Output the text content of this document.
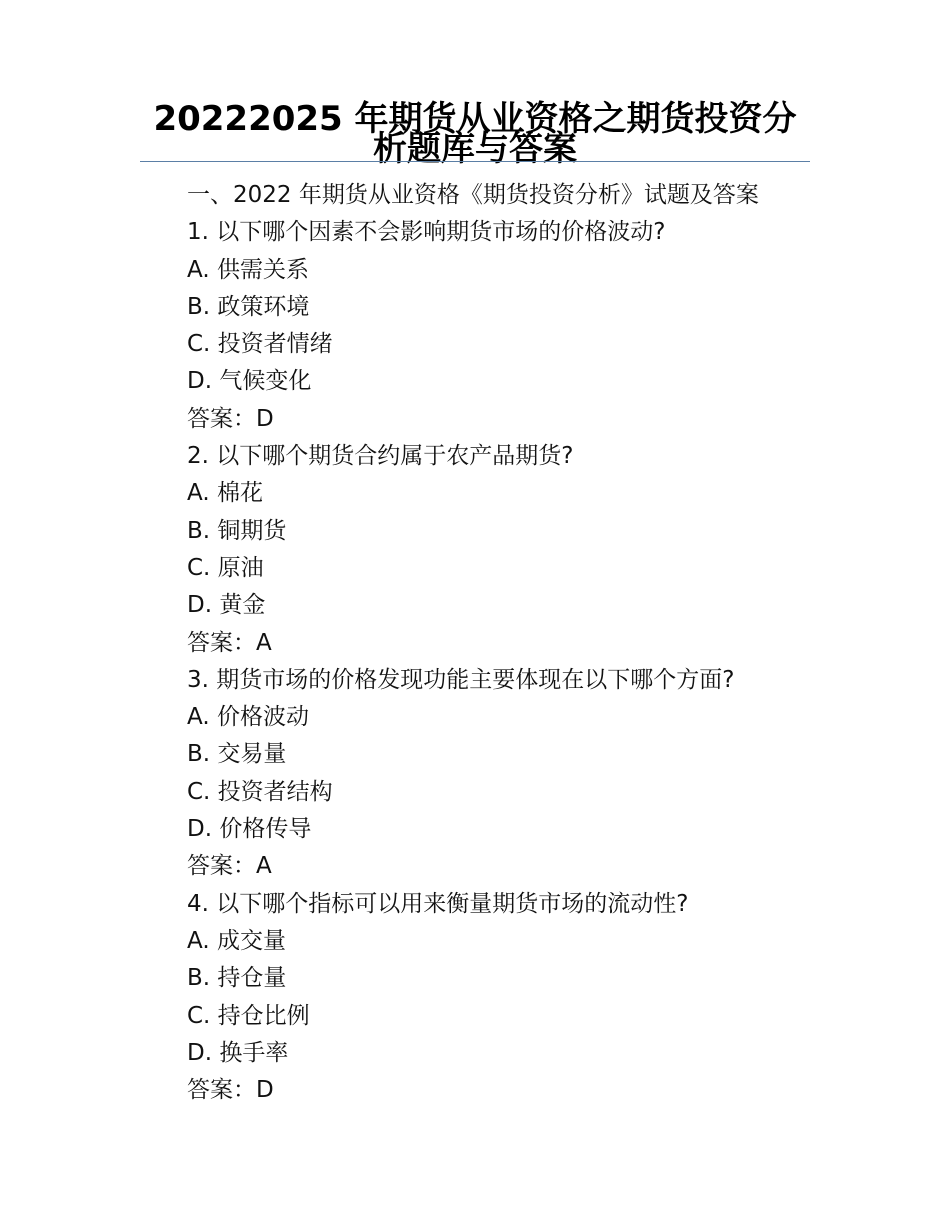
20222025 年期货从业资格之期货投资分析题库与答案
一、2022 年期货从业资格《期货投资分析》试题及答案
1. 以下哪个因素不会影响期货市场的价格波动?
A. 供需关系
B. 政策环境
C. 投资者情绪
D. 气候变化
答案：D
2. 以下哪个期货合约属于农产品期货?
A. 棉花
B. 铜期货
C. 原油
D. 黄金
答案：A
3. 期货市场的价格发现功能主要体现在以下哪个方面?
A. 价格波动
B. 交易量
C. 投资者结构
D. 价格传导
答案：A
4. 以下哪个指标可以用来衡量期货市场的流动性?
A. 成交量
B. 持仓量
C. 持仓比例
D. 换手率
答案：D
